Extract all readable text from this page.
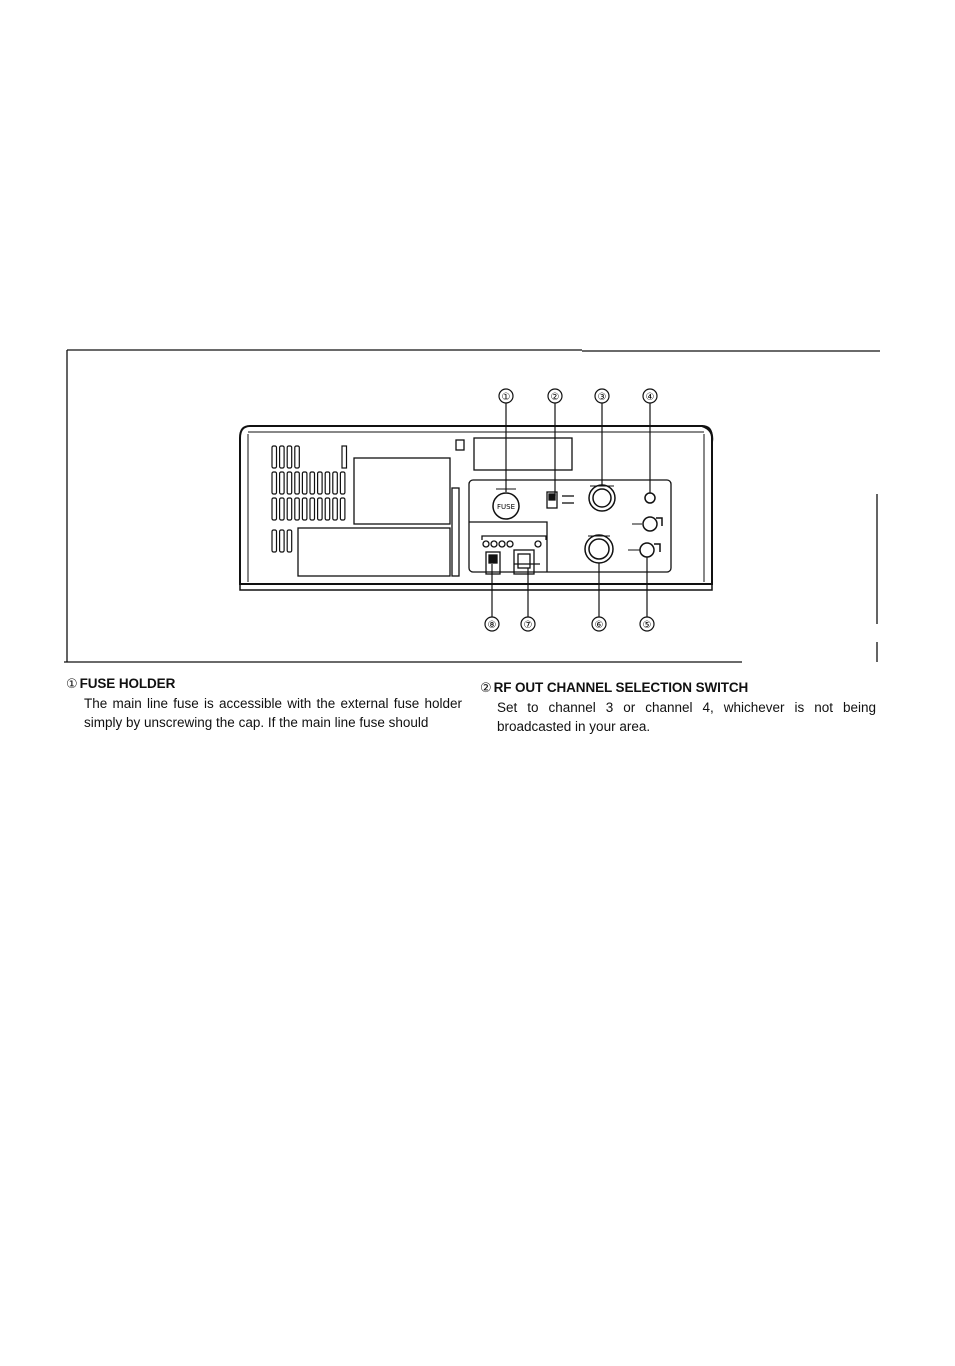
FUSE
①	②	③	④
⑧	⑦	⑥	⑤
① FUSE HOLDER
The main line fuse is accessible with the external fuse holder simply by unscrewing the cap. If the main line fuse should
② RF OUT CHANNEL SELECTION SWITCH
Set to channel 3 or channel 4, whichever is not being broadcasted in your area.
